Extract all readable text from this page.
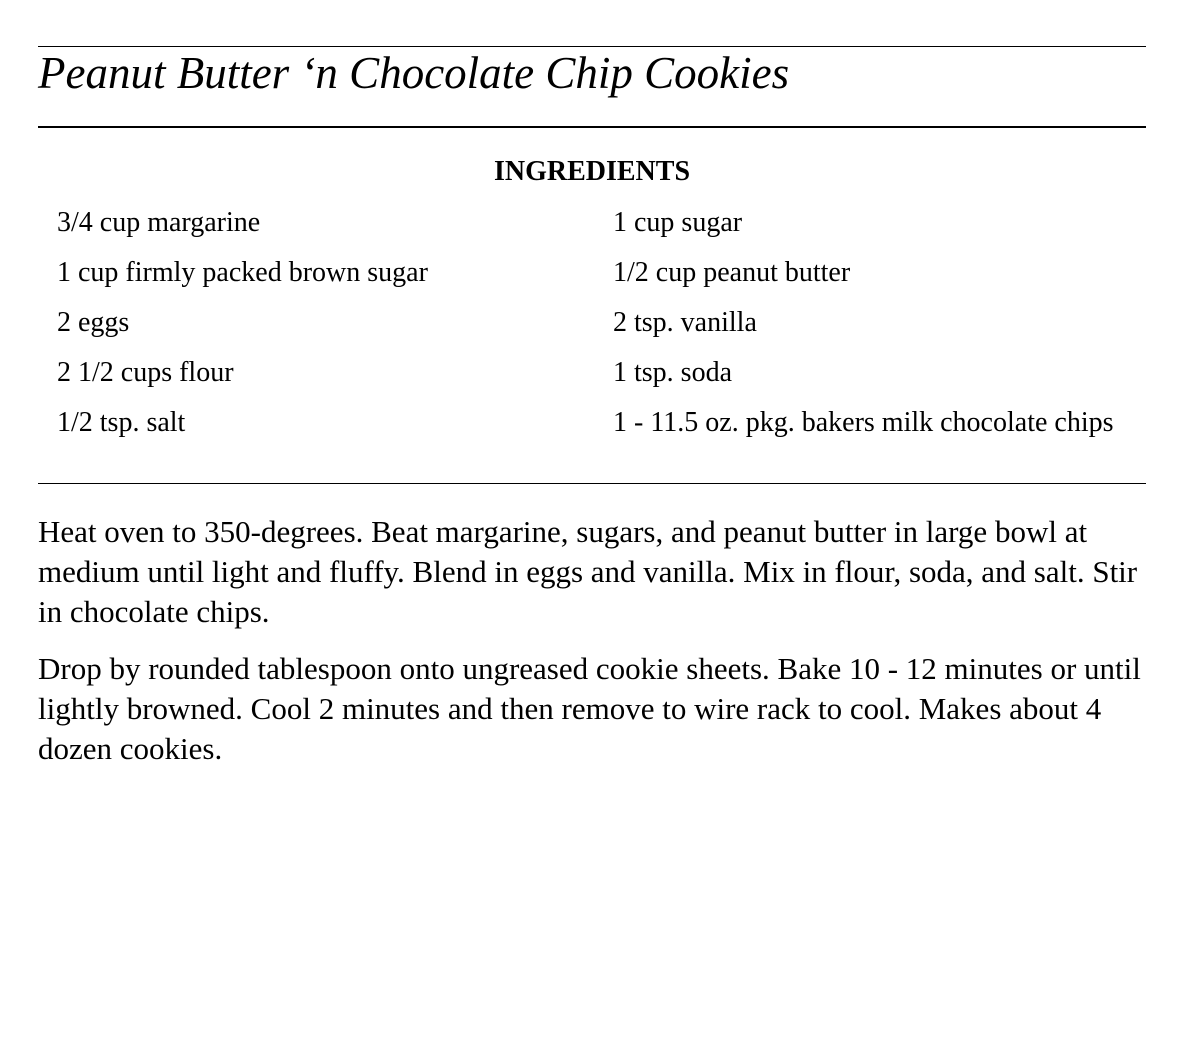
Peanut Butter ‘n Chocolate Chip Cookies
INGREDIENTS
3/4 cup margarine	1 cup sugar
1 cup firmly packed brown sugar	1/2 cup peanut butter
2 eggs	2 tsp. vanilla
2 1/2 cups flour	1 tsp. soda
1/2 tsp. salt	1 - 11.5 oz. pkg. bakers milk chocolate chips

Heat oven to 350-degrees. Beat margarine, sugars, and peanut butter in large bowl at medium until light and fluffy. Blend in eggs and vanilla. Mix in flour, soda, and salt. Stir in chocolate chips.

Drop by rounded tablespoon onto ungreased cookie sheets. Bake 10 - 12 minutes or until lightly browned. Cool 2 minutes and then remove to wire rack to cool. Makes about 4 dozen cookies.
